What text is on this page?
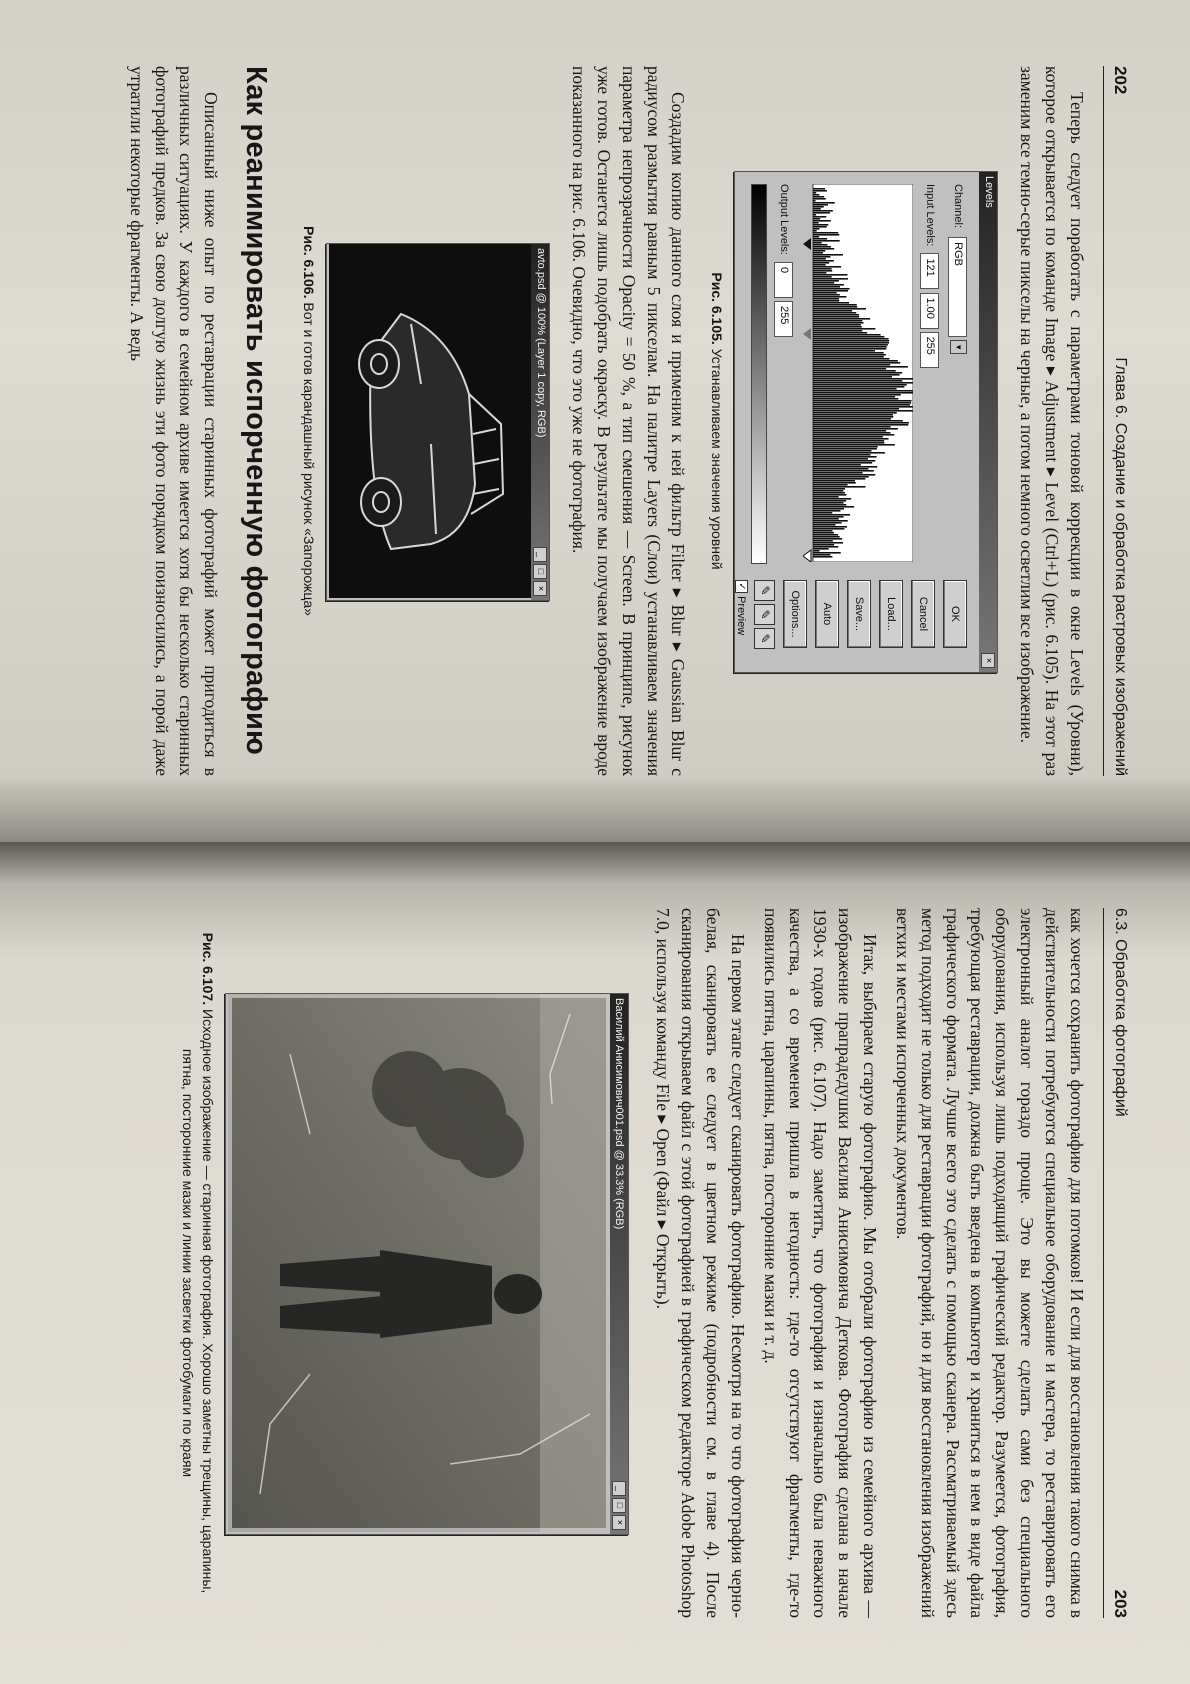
202
Глава 6. Создание и обработка растровых изображений

Теперь следует поработать с параметрами тоновой коррекции в окне Levels (Уровни), которое открывается по команде Image ▸ Adjustment ▸ Level (Ctrl+L) (рис. 6.105). На этот раз заменим все темно-серые пикселы на черные, а потом немного осветлим все изображение.

Levels
×
Channel: RGB ▼
Input Levels: 121 1.00 255
Output Levels: 0 255
OK
Cancel
Load...
Save...
Auto
Options...
✎
✎
✎
✓ Preview
Рис. 6.105. Устанавливаем значения уровней

Создадим копию данного слоя и применим к ней фильтр Filter ▸ Blur ▸ Gaussian Blur с радиусом размытия равным 5 пикселам. На палитре Layers (Слои) устанавливаем значения параметра непрозрачности Opacity = 50 %, а тип смешения — Screen. В принципе, рисунок уже готов. Останется лишь подобрать окраску. В результате мы получаем изображение вроде показанного на рис. 6.106. Очевидно, что это уже не фотография.

avto.psd @ 100% (Layer 1 copy, RGB)
_
□
×
Рис. 6.106. Вот и готов карандашный рисунок «Запорожца»
Как реанимировать испорченную фотографию

Описанный ниже опыт по реставрации старинных фотографий может пригодиться в различных ситуациях. У каждого в семейном архиве имеется хотя бы несколько старинных фотографий предков. За свою долгую жизнь эти фото порядком поизносились, а порой даже утратили некоторые фрагменты. А ведь

6.3. Обработка фотографий
203

как хочется сохранить фотографию для потомков! И если для восстановления такого снимка в действительности потребуются специальное оборудование и мастера, то реставрировать его электронный аналог гораздо проще. Это вы можете сделать сами без специального оборудования, используя лишь подходящий графический редактор. Разумеется, фотография, требующая реставрации, должна быть введена в компьютер и храниться в нем в виде файла графического формата. Лучше всего это сделать с помощью сканера. Рассматриваемый здесь метод подходит не только для реставрации фотографий, но и для восстановления изображений ветхих и местами испорченных документов.

Итак, выбираем старую фотографию. Мы отобрали фотографию из семейного архива — изображение прапрадедушки Василия Анисимовича Деткова. Фотография сделана в начале 1930-х годов (рис. 6.107). Надо заметить, что фотография и изначально была неважного качества, а со временем пришла в негодность: где-то отсутствуют фрагменты, где-то появились пятна, царапины, пятна, посторонние мазки и т. д.

На первом этапе следует сканировать фотографию. Несмотря на то что фотография черно-белая, сканировать ее следует в цветном режиме (подробности см. в главе 4). После сканирования открываем файл с этой фотографией в графическом редакторе Adobe Photoshop 7.0, используя команду File ▸ Open (Файл ▸ Открыть).

Василий Анисимович001.psd @ 33.3% (RGB)
_
□
×
Рис. 6.107. Исходное изображение — старинная фотография. Хорошо заметны трещины, царапины, пятна, посторонние мазки и линии засветки фотобумаги по краям
